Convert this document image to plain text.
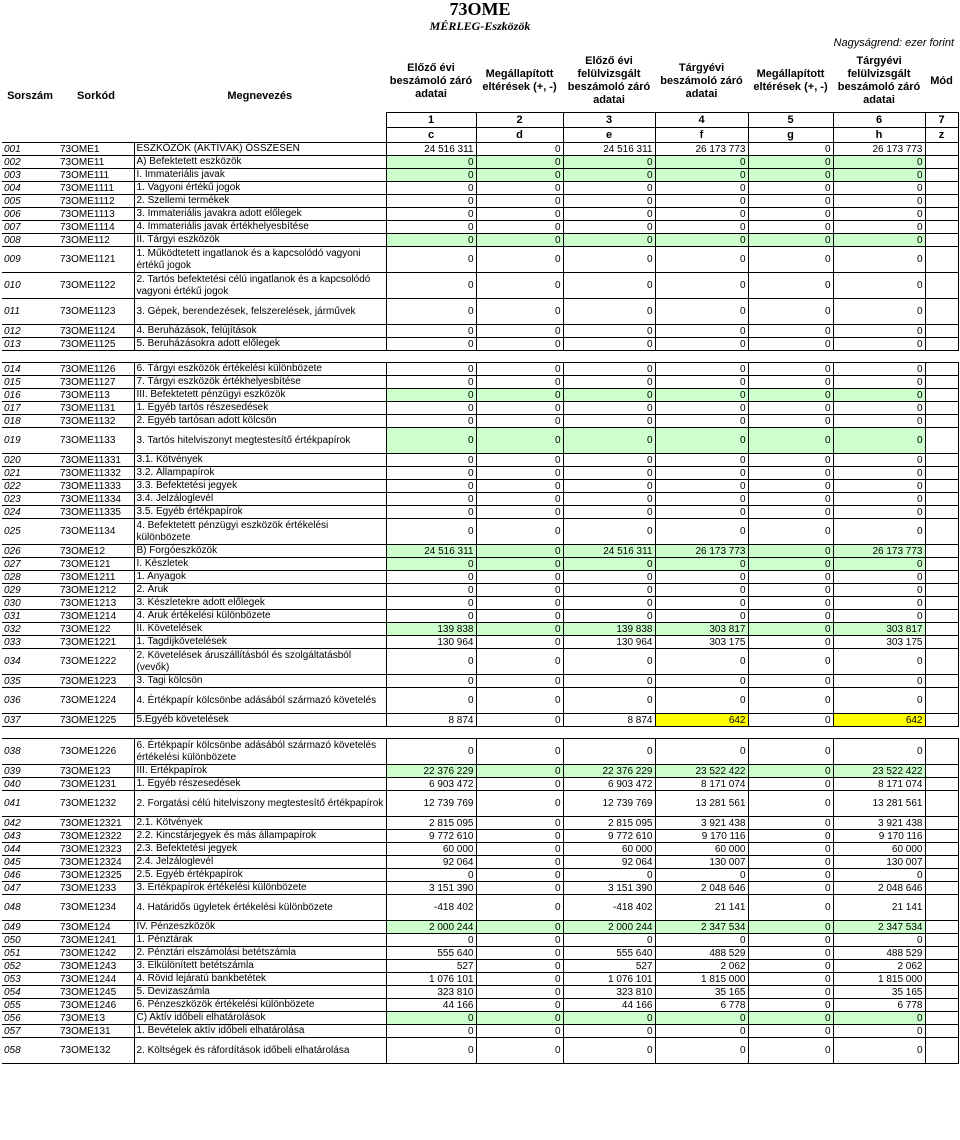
73OME
MÉRLEG-Eszközök
Nagyságrend: ezer forint
Sorszám	Sorkód	Megnevezés	Előző évi beszámoló záró adatai	Megállapított eltérések (+, -)	Előző évi felülvizsgált beszámoló záró adatai	Tárgyévi beszámoló záró adatai	Megállapított eltérések (+, -)	Tárgyévi felülvizsgált beszámoló záró adatai	Mód
			1	2	3	4	5	6	7
			c	d	e	f	g	h	z
001	73OME1	ESZKÖZÖK (AKTÍVÁK) ÖSSZESEN	24 516 311	0	24 516 311	26 173 773	0	26 173 773	
002	73OME11	A) Befektetett eszközök	0	0	0	0	0	0	
003	73OME111	I. Immateriális javak	0	0	0	0	0	0	
004	73OME1111	1. Vagyoni értékű jogok	0	0	0	0	0	0	
005	73OME1112	2. Szellemi termékek	0	0	0	0	0	0	
006	73OME1113	3. Immateriális javakra adott előlegek	0	0	0	0	0	0	
007	73OME1114	4. Immateriális javak értékhelyesbítése	0	0	0	0	0	0	
008	73OME112	II. Tárgyi eszközök	0	0	0	0	0	0	
009	73OME1121	1. Működtetett ingatlanok és a kapcsolódó vagyoni értékű jogok	0	0	0	0	0	0	
010	73OME1122	2. Tartós befektetési célú ingatlanok és a kapcsolódó vagyoni értékű jogok	0	0	0	0	0	0	
011	73OME1123	3. Gépek, berendezések, felszerelések, járművek	0	0	0	0	0	0	
012	73OME1124	4. Beruházások, felújítások	0	0	0	0	0	0	
013	73OME1125	5. Beruházásokra adott előlegek	0	0	0	0	0	0	

014	73OME1126	6. Tárgyi eszközök értékelési különbözete	0	0	0	0	0	0	
015	73OME1127	7. Tárgyi eszközök értékhelyesbítése	0	0	0	0	0	0	
016	73OME113	III. Befektetett pénzügyi eszközök	0	0	0	0	0	0	
017	73OME1131	1. Egyéb tartós részesedések	0	0	0	0	0	0	
018	73OME1132	2. Egyéb tartósan adott kölcsön	0	0	0	0	0	0	
019	73OME1133	3. Tartós hitelviszonyt megtestesítő értékpapírok	0	0	0	0	0	0	
020	73OME11331	3.1. Kötvények	0	0	0	0	0	0	
021	73OME11332	3.2. Állampapírok	0	0	0	0	0	0	
022	73OME11333	3.3. Befektetési jegyek	0	0	0	0	0	0	
023	73OME11334	3.4. Jelzáloglevél	0	0	0	0	0	0	
024	73OME11335	3.5. Egyéb értékpapírok	0	0	0	0	0	0	
025	73OME1134	4. Befektetett pénzügyi eszközök értékelési különbözete	0	0	0	0	0	0	
026	73OME12	B) Forgóeszközök	24 516 311	0	24 516 311	26 173 773	0	26 173 773	
027	73OME121	I. Készletek	0	0	0	0	0	0	
028	73OME1211	1. Anyagok	0	0	0	0	0	0	
029	73OME1212	2. Áruk	0	0	0	0	0	0	
030	73OME1213	3. Készletekre adott előlegek	0	0	0	0	0	0	
031	73OME1214	4. Áruk értékelési különbözete	0	0	0	0	0	0	
032	73OME122	II. Követelések	139 838	0	139 838	303 817	0	303 817	
033	73OME1221	1. Tagdíjkövetelések	130 964	0	130 964	303 175	0	303 175	
034	73OME1222	2. Követelések áruszállításból és szolgáltatásból (vevők)	0	0	0	0	0	0	
035	73OME1223	3. Tagi kölcsön	0	0	0	0	0	0	
036	73OME1224	4. Értékpapír kölcsönbe adásából származó követelés	0	0	0	0	0	0	
037	73OME1225	5.Egyéb követelések	8 874	0	8 874	642	0	642	

038	73OME1226	6. Értékpapír kölcsönbe adásából származó követelés értékelési különbözete	0	0	0	0	0	0	
039	73OME123	III. Értékpapírok	22 376 229	0	22 376 229	23 522 422	0	23 522 422	
040	73OME1231	1. Egyéb részesedések	6 903 472	0	6 903 472	8 171 074	0	8 171 074	
041	73OME1232	2. Forgatási célú hitelviszony megtestesítő értékpapírok	12 739 769	0	12 739 769	13 281 561	0	13 281 561	
042	73OME12321	2.1. Kötvények	2 815 095	0	2 815 095	3 921 438	0	3 921 438	
043	73OME12322	2.2. Kincstárjegyek és más állampapírok	9 772 610	0	9 772 610	9 170 116	0	9 170 116	
044	73OME12323	2.3. Befektetési jegyek	60 000	0	60 000	60 000	0	60 000	
045	73OME12324	2.4. Jelzáloglevél	92 064	0	92 064	130 007	0	130 007	
046	73OME12325	2.5. Egyéb értékpapírok	0	0	0	0	0	0	
047	73OME1233	3. Értékpapírok értékelési különbözete	3 151 390	0	3 151 390	2 048 646	0	2 048 646	
048	73OME1234	4. Határidős ügyletek értékelési különbözete	-418 402	0	-418 402	21 141	0	21 141	
049	73OME124	IV. Pénzeszközök	2 000 244	0	2 000 244	2 347 534	0	2 347 534	
050	73OME1241	1. Pénztárak	0	0	0	0	0	0	
051	73OME1242	2. Pénztári elszámolási betétszámla	555 640	0	555 640	488 529	0	488 529	
052	73OME1243	3. Elkülönített betétszámla	527	0	527	2 062	0	2 062	
053	73OME1244	4. Rövid lejáratú bankbetétek	1 076 101	0	1 076 101	1 815 000	0	1 815 000	
054	73OME1245	5. Devizaszámla	323 810	0	323 810	35 165	0	35 165	
055	73OME1246	6. Pénzeszközök értékelési különbözete	44 166	0	44 166	6 778	0	6 778	
056	73OME13	C) Aktív időbeli elhatárolások	0	0	0	0	0	0	
057	73OME131	1. Bevételek aktív időbeli elhatárolása	0	0	0	0	0	0	
058	73OME132	2. Költségek és ráfordítások időbeli elhatárolása	0	0	0	0	0	0	
